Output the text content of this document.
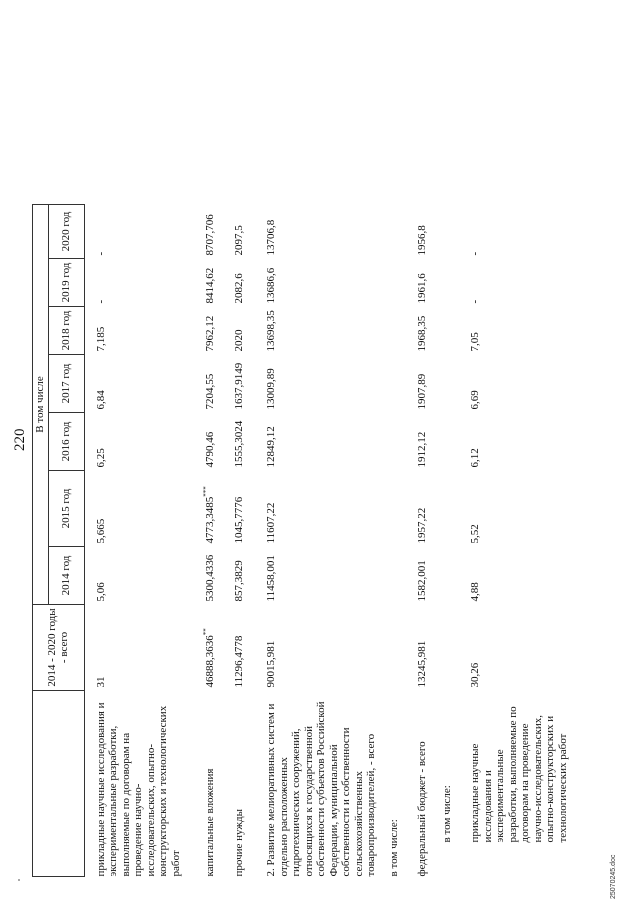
220
	2014 - 2020 годы - всего	В том числе						
		2014 год	2015 год	2016 год	2017 год	2018 год	2019 год	2020 год
прикладные научные исследования и экспериментальные разработки, выполняемые по договорам на проведение научно-исследовательских, опытно-конструкторских и технологических работ	31	5,06	5,665	6,25	6,84	7,185	-	-
капитальные вложения	46888,3636**	5300,4336	4773,3485***	4790,46	7204,55	7962,12	8414,62	8707,706
прочие нужды	11296,4778	857,3829	1045,7776	1555,3024	1637,9149	2020	2082,6	2097,5
2. Развитие мелиоративных систем и отдельно расположенных гидротехнических сооружений, относящихся к государственной собственности субъектов Российской Федерации, муниципальной собственности и собственности сельскохозяйственных товаропроизводителей, - всего	90015,981	11458,001	11607,22	12849,12	13009,89	13698,35	13686,6	13706,8
в том числе:								
федеральный бюджет - всего	13245,981	1582,001	1957,22	1912,12	1907,89	1968,35	1961,6	1956,8
в том числе:								
прикладные научные исследования и экспериментальные разработки, выполняемые по договорам на проведение научно-исследовательских, опытно-конструкторских и технологических работ	30,26	4,88	5,52	6,12	6,69	7,05	-	-
25070245.doc
